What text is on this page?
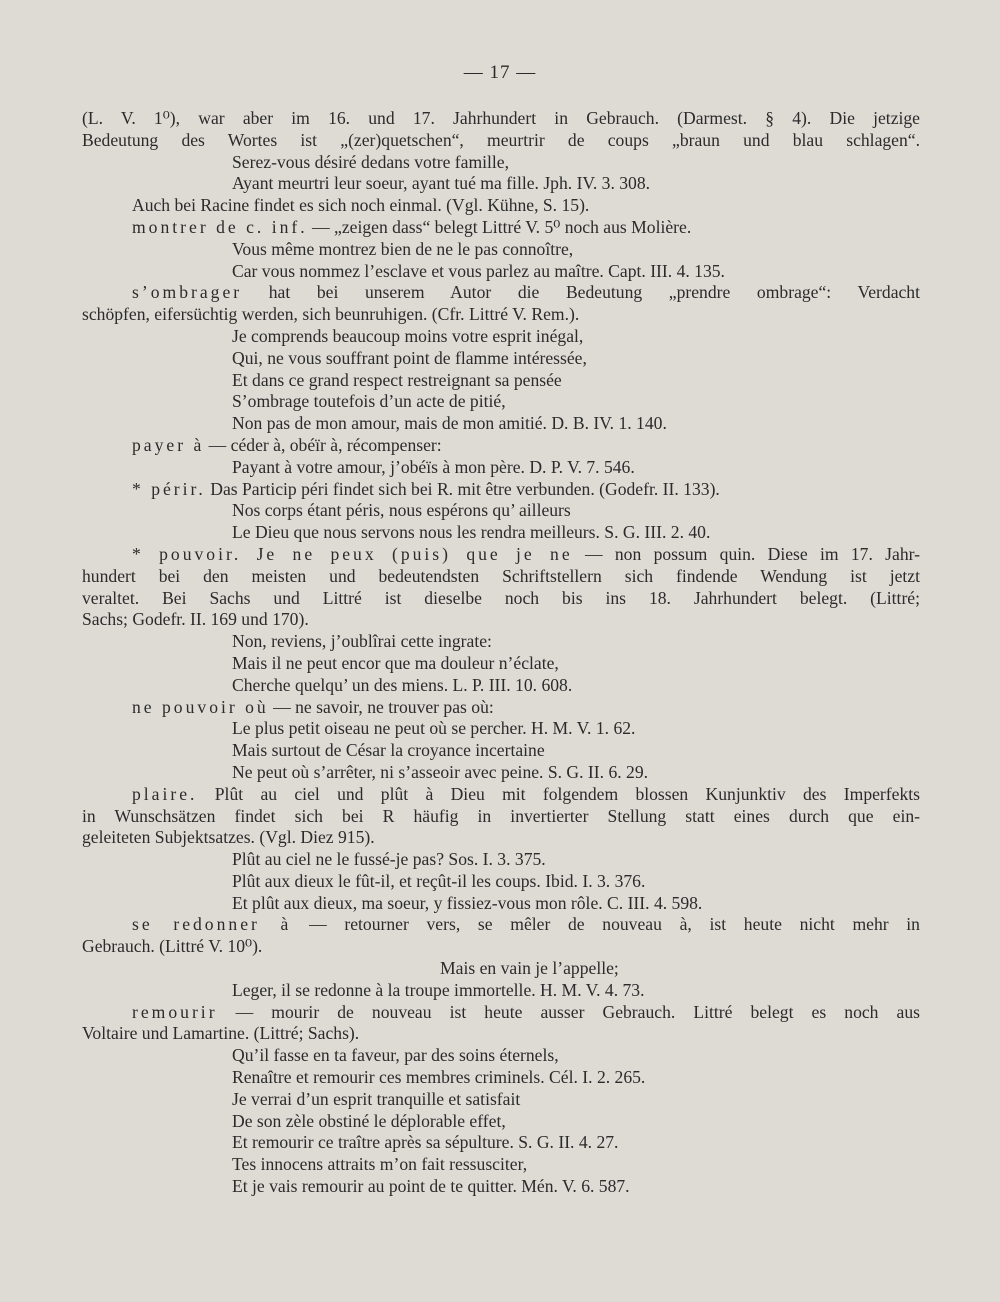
— 17 —
(L. V. 1⁰), war aber im 16. und 17. Jahrhundert in Gebrauch. (Darmest. § 4). Die jetzige
Bedeutung des Wortes ist „(zer)quetschen“, meurtrir de coups „braun und blau schlagen“.
Serez-vous désiré dedans votre famille,
Ayant meurtri leur soeur, ayant tué ma fille. Jph. IV. 3. 308.
Auch bei Racine findet es sich noch einmal. (Vgl. Kühne, S. 15).
montrer de c. inf. — „zeigen dass“ belegt Littré V. 5⁰ noch aus Molière.
Vous même montrez bien de ne le pas connoître,
Car vous nommez l’esclave et vous parlez au maître. Capt. III. 4. 135.
s’ombrager hat bei unserem Autor die Bedeutung „prendre ombrage“: Verdacht
schöpfen, eifersüchtig werden, sich beunruhigen. (Cfr. Littré V. Rem.).
Je comprends beaucoup moins votre esprit inégal,
Qui, ne vous souffrant point de flamme intéressée,
Et dans ce grand respect restreignant sa pensée
S’ombrage toutefois d’un acte de pitié,
Non pas de mon amour, mais de mon amitié. D. B. IV. 1. 140.
payer à — céder à, obéïr à, récompenser:
Payant à votre amour, j’obéïs à mon père. D. P. V. 7. 546.
* périr. Das Particip péri findet sich bei R. mit être verbunden. (Godefr. II. 133).
Nos corps étant péris, nous espérons qu’ ailleurs
Le Dieu que nous servons nous les rendra meilleurs. S. G. III. 2. 40.
* pouvoir. Je ne peux (puis) que je ne — non possum quin. Diese im 17. Jahr-
hundert bei den meisten und bedeutendsten Schriftstellern sich findende Wendung ist jetzt
veraltet. Bei Sachs und Littré ist dieselbe noch bis ins 18. Jahrhundert belegt. (Littré;
Sachs; Godefr. II. 169 und 170).
Non, reviens, j’oublîrai cette ingrate:
Mais il ne peut encor que ma douleur n’éclate,
Cherche quelqu’ un des miens. L. P. III. 10. 608.
ne pouvoir où — ne savoir, ne trouver pas où:
Le plus petit oiseau ne peut où se percher. H. M. V. 1. 62.
Mais surtout de César la croyance incertaine
Ne peut où s’arrêter, ni s’asseoir avec peine. S. G. II. 6. 29.
plaire. Plût au ciel und plût à Dieu mit folgendem blossen Kunjunktiv des Imperfekts
in Wunschsätzen findet sich bei R häufig in invertierter Stellung statt eines durch que ein-
geleiteten Subjektsatzes. (Vgl. Diez 915).
Plût au ciel ne le fussé-je pas? Sos. I. 3. 375.
Plût aux dieux le fût-il, et reçût-il les coups. Ibid. I. 3. 376.
Et plût aux dieux, ma soeur, y fissiez-vous mon rôle. C. III. 4. 598.
se redonner à — retourner vers, se mêler de nouveau à, ist heute nicht mehr in
Gebrauch. (Littré V. 10⁰).
Mais en vain je l’appelle;
Leger, il se redonne à la troupe immortelle. H. M. V. 4. 73.
remourir — mourir de nouveau ist heute ausser Gebrauch. Littré belegt es noch aus
Voltaire und Lamartine. (Littré; Sachs).
Qu’il fasse en ta faveur, par des soins éternels,
Renaître et remourir ces membres criminels. Cél. I. 2. 265.
Je verrai d’un esprit tranquille et satisfait
De son zèle obstiné le déplorable effet,
Et remourir ce traître après sa sépulture. S. G. II. 4. 27.
Tes innocens attraits m’on fait ressusciter,
Et je vais remourir au point de te quitter. Mén. V. 6. 587.
